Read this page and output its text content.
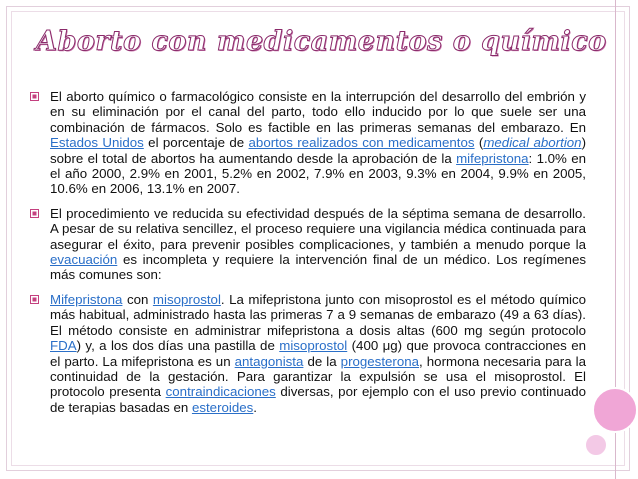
Aborto con medicamentos o químico
El aborto químico o farmacológico consiste en la interrupción del desarrollo del embrión y en su eliminación por el canal del parto, todo ello inducido por lo que suele ser una combinación de fármacos. Solo es factible en las primeras semanas del embarazo. En Estados Unidos el porcentaje de abortos realizados con medicamentos (medical abortion) sobre el total de abortos ha aumentando desde la aprobación de la mifepristona: 1.0% en el año 2000, 2.9% en 2001, 5.2% en 2002, 7.9% en 2003, 9.3% en 2004, 9.9% en 2005, 10.6% en 2006, 13.1% en 2007.
El procedimiento ve reducida su efectividad después de la séptima semana de desarrollo. A pesar de su relativa sencillez, el proceso requiere una vigilancia médica continuada para asegurar el éxito, para prevenir posibles complicaciones, y también a menudo porque la evacuación es incompleta y requiere la intervención final de un médico. Los regímenes más comunes son:
Mifepristona con misoprostol. La mifepristona junto con misoprostol es el método químico más habitual, administrado hasta las primeras 7 a 9 semanas de embarazo (49 a 63 días). El método consiste en administrar mifepristona a dosis altas (600 mg según protocolo FDA) y, a los dos días una pastilla de misoprostol (400 μg) que provoca contracciones en el parto. La mifepristona es un antagonista de la progesterona, hormona necesaria para la continuidad de la gestación. Para garantizar la expulsión se usa el misoprostol. El protocolo presenta contraindicaciones diversas, por ejemplo con el uso previo continuado de terapias basadas en esteroides.
